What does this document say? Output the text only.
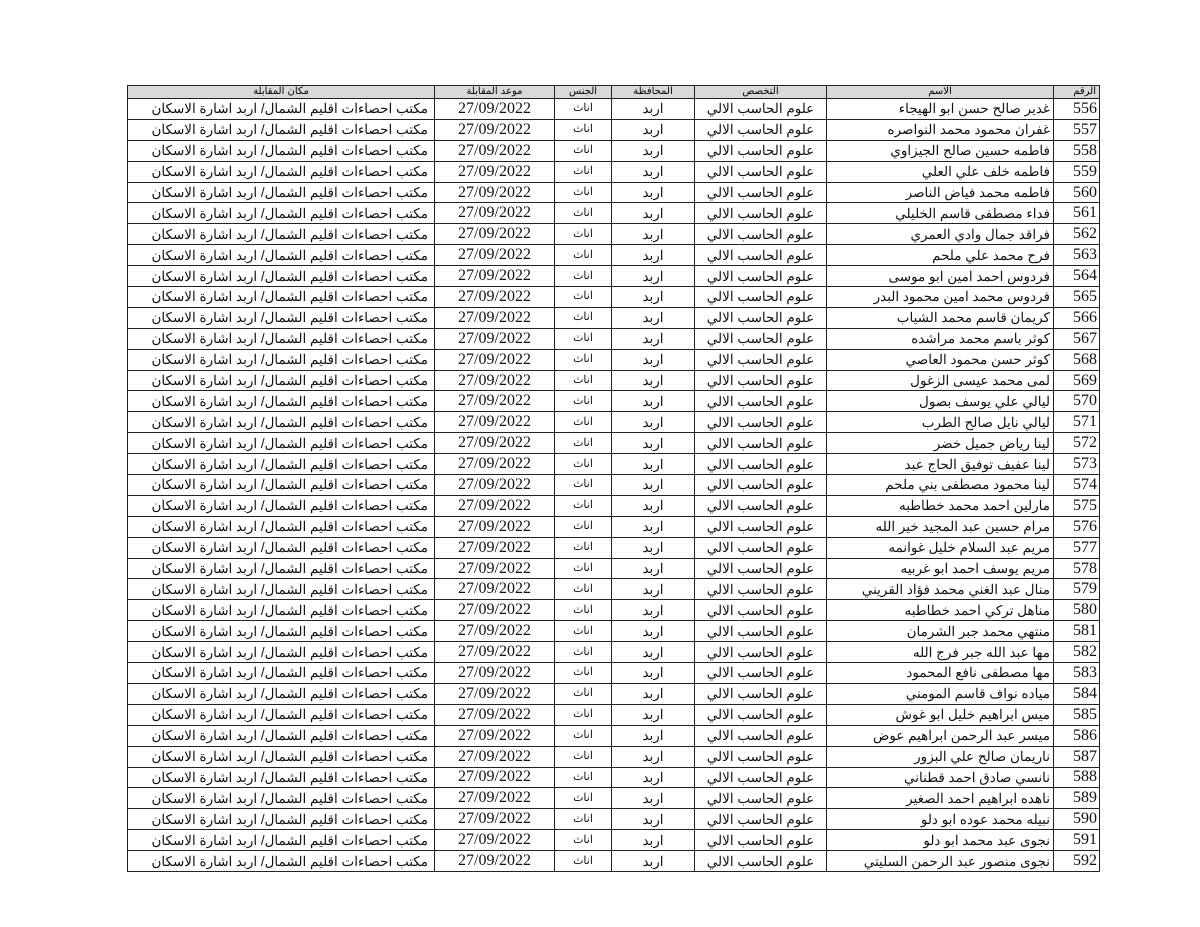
الرقم	الاسم	التخصص	المحافظة	الجنس	موعد المقابلة	مكان المقابلة
556	غدير صالح حسن ابو الهيجاء	علوم الحاسب الالي	اربد	اناث	27/09/2022	مكتب احصاءات اقليم الشمال/ اربد اشارة الاسكان
557	غفران محمود محمد النواصره	علوم الحاسب الالي	اربد	اناث	27/09/2022	مكتب احصاءات اقليم الشمال/ اربد اشارة الاسكان
558	فاطمه حسين صالح الجيزاوي	علوم الحاسب الالي	اربد	اناث	27/09/2022	مكتب احصاءات اقليم الشمال/ اربد اشارة الاسكان
559	فاطمه خلف علي العلي	علوم الحاسب الالي	اربد	اناث	27/09/2022	مكتب احصاءات اقليم الشمال/ اربد اشارة الاسكان
560	فاطمه محمد فياض الناصر	علوم الحاسب الالي	اربد	اناث	27/09/2022	مكتب احصاءات اقليم الشمال/ اربد اشارة الاسكان
561	فداء مصطفى قاسم الخليلي	علوم الحاسب الالي	اربد	اناث	27/09/2022	مكتب احصاءات اقليم الشمال/ اربد اشارة الاسكان
562	فراقد جمال وادي العمري	علوم الحاسب الالي	اربد	اناث	27/09/2022	مكتب احصاءات اقليم الشمال/ اربد اشارة الاسكان
563	فرح محمد علي ملحم	علوم الحاسب الالي	اربد	اناث	27/09/2022	مكتب احصاءات اقليم الشمال/ اربد اشارة الاسكان
564	فردوس احمد امين ابو موسى	علوم الحاسب الالي	اربد	اناث	27/09/2022	مكتب احصاءات اقليم الشمال/ اربد اشارة الاسكان
565	فردوس محمد امين محمود البدر	علوم الحاسب الالي	اربد	اناث	27/09/2022	مكتب احصاءات اقليم الشمال/ اربد اشارة الاسكان
566	كريمان قاسم محمد الشياب	علوم الحاسب الالي	اربد	اناث	27/09/2022	مكتب احصاءات اقليم الشمال/ اربد اشارة الاسكان
567	كوثر باسم محمد مراشده	علوم الحاسب الالي	اربد	اناث	27/09/2022	مكتب احصاءات اقليم الشمال/ اربد اشارة الاسكان
568	كوثر حسن محمود العاصي	علوم الحاسب الالي	اربد	اناث	27/09/2022	مكتب احصاءات اقليم الشمال/ اربد اشارة الاسكان
569	لمى محمد عيسى الزغول	علوم الحاسب الالي	اربد	اناث	27/09/2022	مكتب احصاءات اقليم الشمال/ اربد اشارة الاسكان
570	ليالي علي يوسف بصول	علوم الحاسب الالي	اربد	اناث	27/09/2022	مكتب احصاءات اقليم الشمال/ اربد اشارة الاسكان
571	ليالي نايل صالح الطرب	علوم الحاسب الالي	اربد	اناث	27/09/2022	مكتب احصاءات اقليم الشمال/ اربد اشارة الاسكان
572	لينا رياض جميل خضر	علوم الحاسب الالي	اربد	اناث	27/09/2022	مكتب احصاءات اقليم الشمال/ اربد اشارة الاسكان
573	لينا عفيف توفيق الحاج عبد	علوم الحاسب الالي	اربد	اناث	27/09/2022	مكتب احصاءات اقليم الشمال/ اربد اشارة الاسكان
574	لينا محمود مصطفى بني ملحم	علوم الحاسب الالي	اربد	اناث	27/09/2022	مكتب احصاءات اقليم الشمال/ اربد اشارة الاسكان
575	مارلين احمد محمد خطاطبه	علوم الحاسب الالي	اربد	اناث	27/09/2022	مكتب احصاءات اقليم الشمال/ اربد اشارة الاسكان
576	مرام حسين عبد المجيد خير الله	علوم الحاسب الالي	اربد	اناث	27/09/2022	مكتب احصاءات اقليم الشمال/ اربد اشارة الاسكان
577	مريم عبد السلام خليل غوانمه	علوم الحاسب الالي	اربد	اناث	27/09/2022	مكتب احصاءات اقليم الشمال/ اربد اشارة الاسكان
578	مريم يوسف احمد ابو غربيه	علوم الحاسب الالي	اربد	اناث	27/09/2022	مكتب احصاءات اقليم الشمال/ اربد اشارة الاسكان
579	منال عبد الغني محمد فؤاد القريني	علوم الحاسب الالي	اربد	اناث	27/09/2022	مكتب احصاءات اقليم الشمال/ اربد اشارة الاسكان
580	مناهل تركي احمد خطاطبه	علوم الحاسب الالي	اربد	اناث	27/09/2022	مكتب احصاءات اقليم الشمال/ اربد اشارة الاسكان
581	منتهي محمد جبر الشرمان	علوم الحاسب الالي	اربد	اناث	27/09/2022	مكتب احصاءات اقليم الشمال/ اربد اشارة الاسكان
582	مها عبد الله جبر فرج الله	علوم الحاسب الالي	اربد	اناث	27/09/2022	مكتب احصاءات اقليم الشمال/ اربد اشارة الاسكان
583	مها مصطفى نافع المحمود	علوم الحاسب الالي	اربد	اناث	27/09/2022	مكتب احصاءات اقليم الشمال/ اربد اشارة الاسكان
584	مياده نواف قاسم المومني	علوم الحاسب الالي	اربد	اناث	27/09/2022	مكتب احصاءات اقليم الشمال/ اربد اشارة الاسكان
585	ميس ابراهيم خليل ابو غوش	علوم الحاسب الالي	اربد	اناث	27/09/2022	مكتب احصاءات اقليم الشمال/ اربد اشارة الاسكان
586	ميسر عبد الرحمن ابراهيم عوض	علوم الحاسب الالي	اربد	اناث	27/09/2022	مكتب احصاءات اقليم الشمال/ اربد اشارة الاسكان
587	ناريمان صالح علي البزور	علوم الحاسب الالي	اربد	اناث	27/09/2022	مكتب احصاءات اقليم الشمال/ اربد اشارة الاسكان
588	نانسي صادق احمد قطناني	علوم الحاسب الالي	اربد	اناث	27/09/2022	مكتب احصاءات اقليم الشمال/ اربد اشارة الاسكان
589	ناهده ابراهيم احمد الصغير	علوم الحاسب الالي	اربد	اناث	27/09/2022	مكتب احصاءات اقليم الشمال/ اربد اشارة الاسكان
590	نبيله محمد عوده ابو دلو	علوم الحاسب الالي	اربد	اناث	27/09/2022	مكتب احصاءات اقليم الشمال/ اربد اشارة الاسكان
591	نجوى عبد محمد ابو دلو	علوم الحاسب الالي	اربد	اناث	27/09/2022	مكتب احصاءات اقليم الشمال/ اربد اشارة الاسكان
592	نجوى منصور عبد الرحمن السليتي	علوم الحاسب الالي	اربد	اناث	27/09/2022	مكتب احصاءات اقليم الشمال/ اربد اشارة الاسكان
